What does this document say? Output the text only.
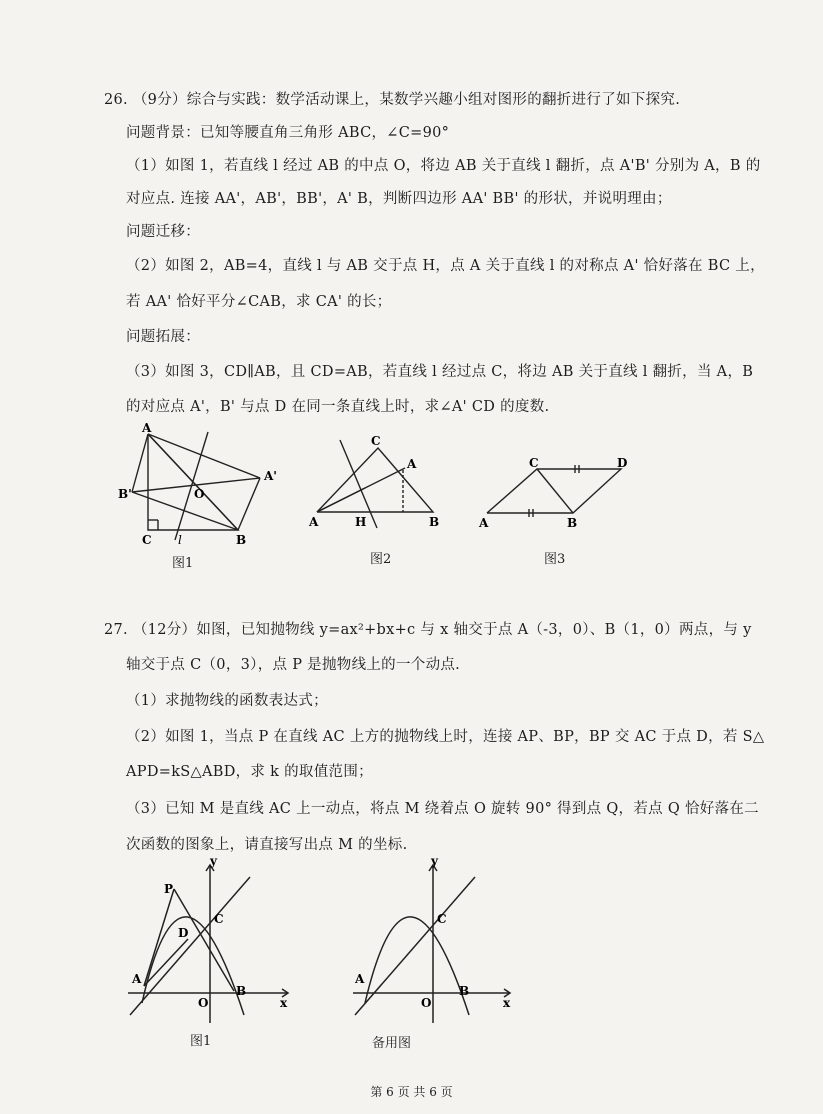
26. （9分）综合与实践：数学活动课上，某数学兴趣小组对图形的翻折进行了如下探究.
问题背景：已知等腰直角三角形 ABC，∠C=90°
（1）如图 1，若直线 l 经过 AB 的中点 O，将边 AB 关于直线 l 翻折，点 A'B' 分别为 A，B 的
对应点. 连接 AA'，AB'，BB'，A' B，判断四边形 AA' BB' 的形状，并说明理由；
问题迁移：
（2）如图 2，AB=4，直线 l 与 AB 交于点 H，点 A 关于直线 l 的对称点 A' 恰好落在 BC 上，
若 AA' 恰好平分∠CAB，求 CA' 的长；
问题拓展：
（3）如图 3，CD∥AB，且 CD=AB，若直线 l 经过点 C，将边 AB 关于直线 l 翻折，当 A，B
的对应点 A'，B' 与点 D 在同一条直线上时，求∠A' CD 的度数.
A
B'
A'
O
C l	B
图1
C
A
A	H	B
图2
C	D
A	B
图3
27. （12分）如图，已知抛物线 y=ax²+bx+c 与 x 轴交于点 A（-3，0）、B（1，0）两点，与 y
轴交于点 C（0，3），点 P 是抛物线上的一个动点.
（1）求抛物线的函数表达式；
（2）如图 1，当点 P 在直线 AC 上方的抛物线上时，连接 AP、BP，BP 交 AC 于点 D，若 S△
APD=kS△ABD，求 k 的取值范围；
（3）已知 M 是直线 AC 上一动点，将点 M 绕着点 O 旋转 90° 得到点 Q，若点 Q 恰好落在二
次函数的图象上，请直接写出点 M 的坐标.
y
x
O
A
B
C
P
D
图1
y
x
O
A
B
C
备用图
第 6 页 共 6 页
